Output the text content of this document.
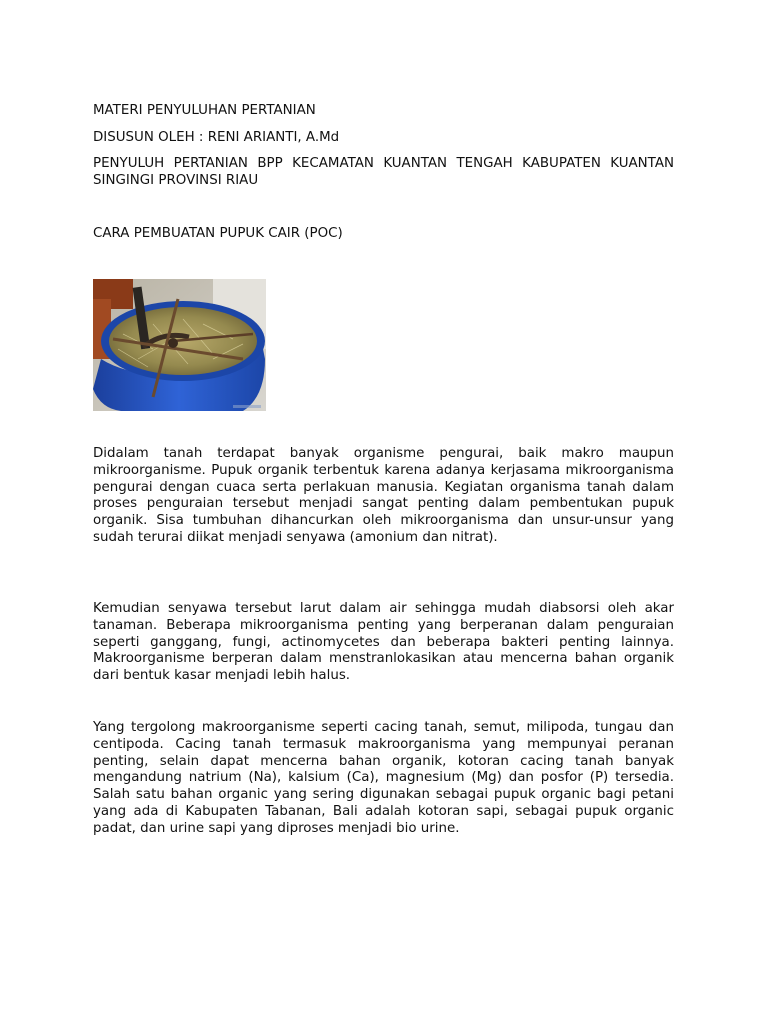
MATERI PENYULUHAN PERTANIAN

DISUSUN OLEH : RENI ARIANTI, A.Md

PENYULUH PERTANIAN BPP KECAMATAN KUANTAN TENGAH KABUPATEN KUANTAN SINGINGI PROVINSI RIAU

CARA PEMBUATAN PUPUK CAIR (POC)

Didalam tanah terdapat banyak organisme pengurai, baik makro maupun mikroorganisme. Pupuk organik terbentuk karena adanya kerjasama mikroorganisma pengurai dengan cuaca serta perlakuan manusia. Kegiatan organisma tanah dalam proses penguraian tersebut menjadi sangat penting dalam pembentukan pupuk organik. Sisa tumbuhan dihancurkan oleh mikroorganisma dan unsur-unsur yang sudah terurai diikat menjadi senyawa (amonium dan nitrat).

Kemudian senyawa tersebut larut dalam air sehingga mudah diabsorsi oleh akar tanaman. Beberapa mikroorganisma penting yang berperanan dalam penguraian seperti ganggang, fungi, actinomycetes dan beberapa bakteri penting lainnya. Makroorganisme berperan dalam menstranlokasikan atau mencerna bahan organik dari bentuk kasar menjadi lebih halus.

Yang tergolong makroorganisme seperti cacing tanah, semut, milipoda, tungau dan centipoda. Cacing tanah termasuk makroorganisma yang mempunyai peranan penting, selain dapat mencerna bahan organik, kotoran cacing tanah banyak mengandung natrium (Na), kalsium (Ca), magnesium (Mg) dan posfor (P) tersedia. Salah satu bahan organic yang sering digunakan sebagai pupuk organic bagi petani yang ada di Kabupaten Tabanan, Bali adalah kotoran sapi, sebagai pupuk organic padat, dan urine sapi yang diproses menjadi bio urine.
